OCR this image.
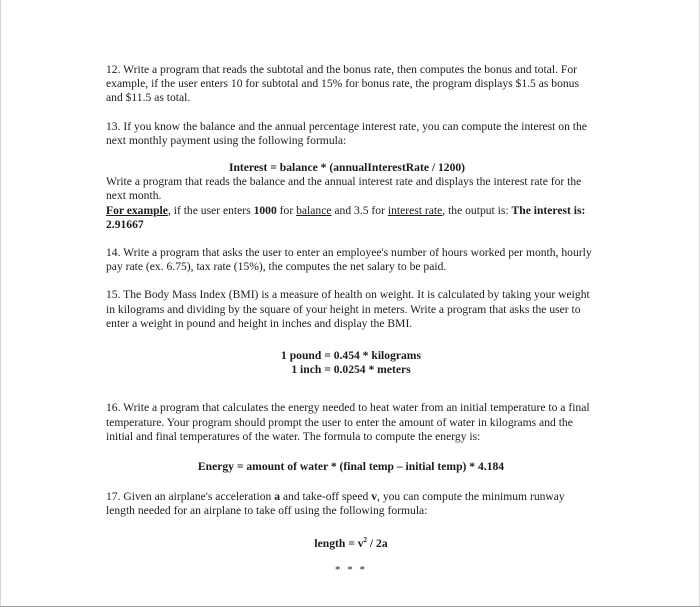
12. Write a program that reads the subtotal and the bonus rate, then computes the bonus and total. For example, if the user enters 10 for subtotal and 15% for bonus rate, the program displays $1.5 as bonus and $11.5 as total.

13. If you know the balance and the annual percentage interest rate, you can compute the interest on the next monthly payment using the following formula:

Interest = balance * (annualInterestRate / 1200)

Write a program that reads the balance and the annual interest rate and displays the interest rate for the next month.

For example, if the user enters 1000 for balance and 3.5 for interest rate, the output is: The interest is: 2.91667

14. Write a program that asks the user to enter an employee's number of hours worked per month, hourly pay rate (ex. 6.75), tax rate (15%), the computes the net salary to be paid.

15. The Body Mass Index (BMI) is a measure of health on weight. It is calculated by taking your weight in kilograms and dividing by the square of your height in meters. Write a program that asks the user to enter a weight in pound and height in inches and display the BMI.

1 pound = 0.454 * kilograms
1 inch = 0.0254 * meters

16. Write a program that calculates the energy needed to heat water from an initial temperature to a final temperature. Your program should prompt the user to enter the amount of water in kilograms and the initial and final temperatures of the water. The formula to compute the energy is:

Energy = amount of water * (final temp – initial temp) * 4.184

17. Given an airplane's acceleration a and take-off speed v, you can compute the minimum runway length needed for an airplane to take off using the following formula:

length = $v^2 / 2a$

* * *
